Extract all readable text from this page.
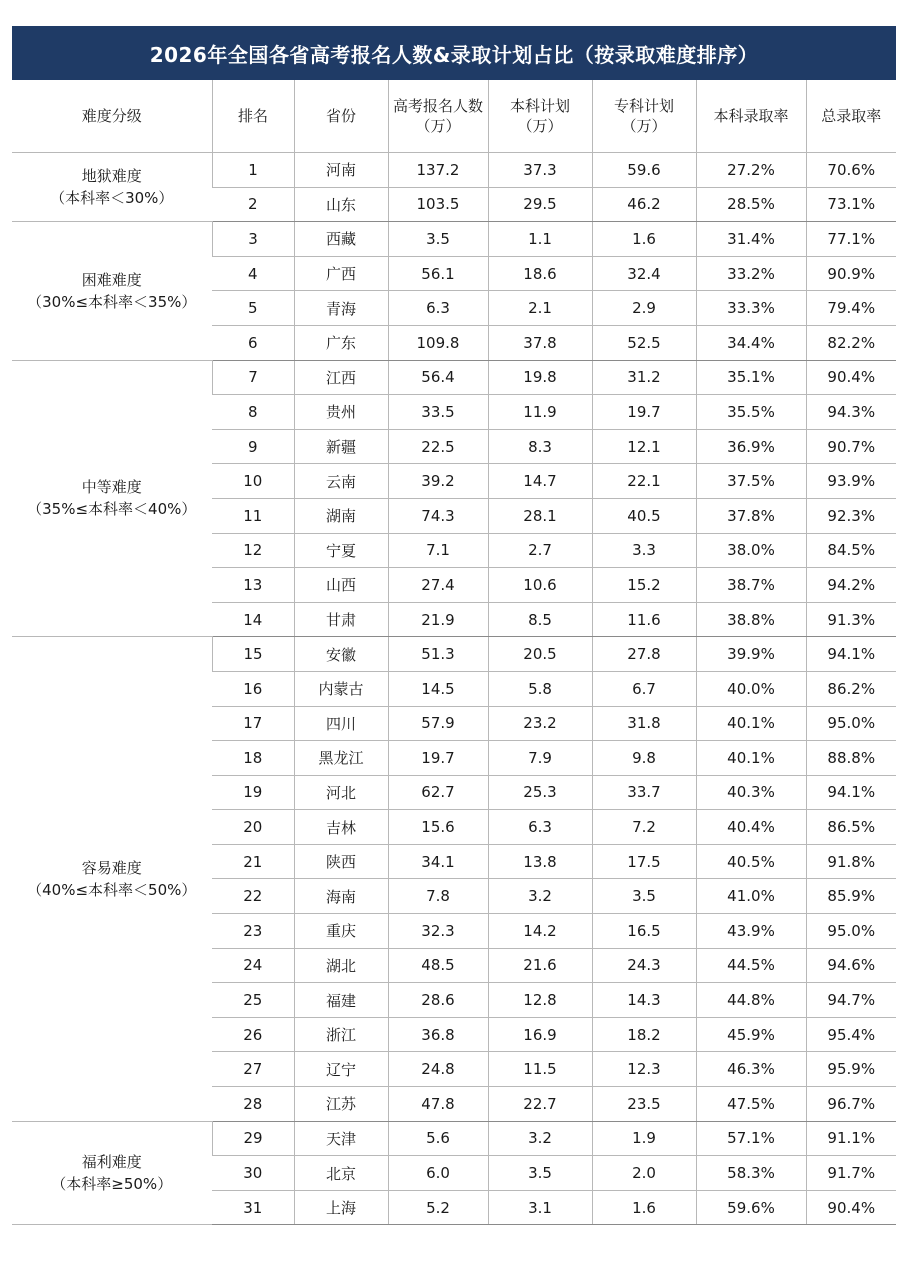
2026年全国各省高考报名人数&录取计划占比（按录取难度排序）
难度分级	排名	省份	高考报名人数（万）	本科计划（万）	专科计划（万）	本科录取率	总录取率
地狱难度
（本科率＜30%）	1	河南	137.2	37.3	59.6	27.2%	70.6%
	2	山东	103.5	29.5	46.2	28.5%	73.1%
困难难度
（30%≤本科率＜35%）	3	西藏	3.5	1.1	1.6	31.4%	77.1%
	4	广西	56.1	18.6	32.4	33.2%	90.9%
	5	青海	6.3	2.1	2.9	33.3%	79.4%
	6	广东	109.8	37.8	52.5	34.4%	82.2%
中等难度
（35%≤本科率＜40%）	7	江西	56.4	19.8	31.2	35.1%	90.4%
	8	贵州	33.5	11.9	19.7	35.5%	94.3%
	9	新疆	22.5	8.3	12.1	36.9%	90.7%
	10	云南	39.2	14.7	22.1	37.5%	93.9%
	11	湖南	74.3	28.1	40.5	37.8%	92.3%
	12	宁夏	7.1	2.7	3.3	38.0%	84.5%
	13	山西	27.4	10.6	15.2	38.7%	94.2%
	14	甘肃	21.9	8.5	11.6	38.8%	91.3%
容易难度
（40%≤本科率＜50%）	15	安徽	51.3	20.5	27.8	39.9%	94.1%
	16	内蒙古	14.5	5.8	6.7	40.0%	86.2%
	17	四川	57.9	23.2	31.8	40.1%	95.0%
	18	黑龙江	19.7	7.9	9.8	40.1%	88.8%
	19	河北	62.7	25.3	33.7	40.3%	94.1%
	20	吉林	15.6	6.3	7.2	40.4%	86.5%
	21	陕西	34.1	13.8	17.5	40.5%	91.8%
	22	海南	7.8	3.2	3.5	41.0%	85.9%
	23	重庆	32.3	14.2	16.5	43.9%	95.0%
	24	湖北	48.5	21.6	24.3	44.5%	94.6%
	25	福建	28.6	12.8	14.3	44.8%	94.7%
	26	浙江	36.8	16.9	18.2	45.9%	95.4%
	27	辽宁	24.8	11.5	12.3	46.3%	95.9%
	28	江苏	47.8	22.7	23.5	47.5%	96.7%
福利难度
（本科率≥50%）	29	天津	5.6	3.2	1.9	57.1%	91.1%
	30	北京	6.0	3.5	2.0	58.3%	91.7%
	31	上海	5.2	3.1	1.6	59.6%	90.4%
